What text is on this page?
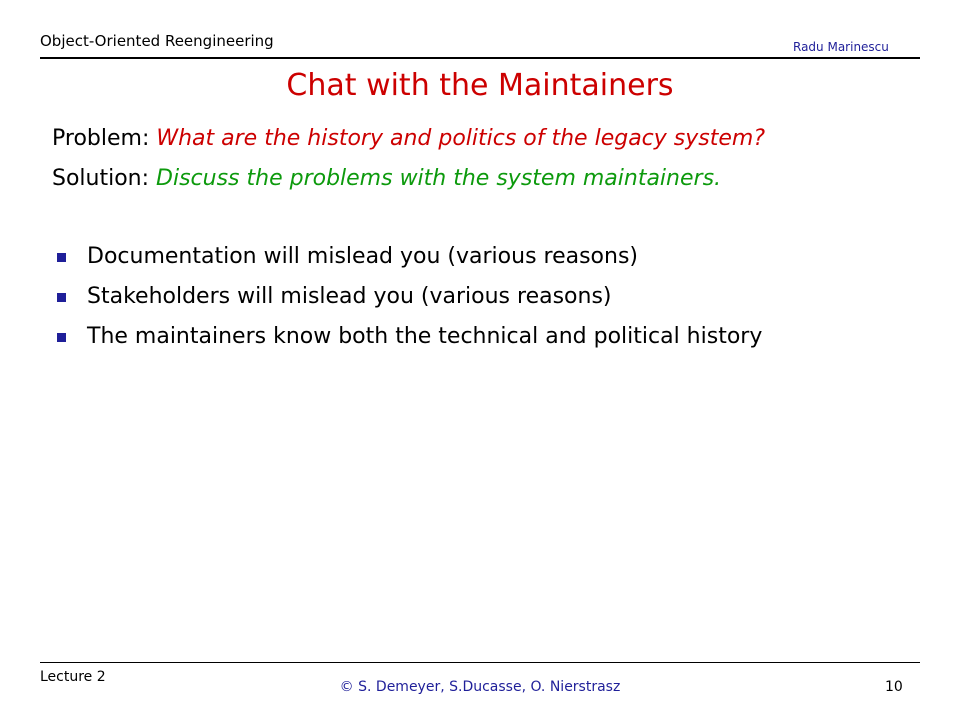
Object-Oriented Reengineering	Radu Marinescu
Chat with the Maintainers
Problem: What are the history and politics of the legacy system?
Solution: Discuss the problems with the system maintainers.
Documentation will mislead you (various reasons)
Stakeholders will mislead you (various reasons)
The maintainers know both the technical and political history
Lecture 2
© S. Demeyer, S.Ducasse, O. Nierstrasz	10
